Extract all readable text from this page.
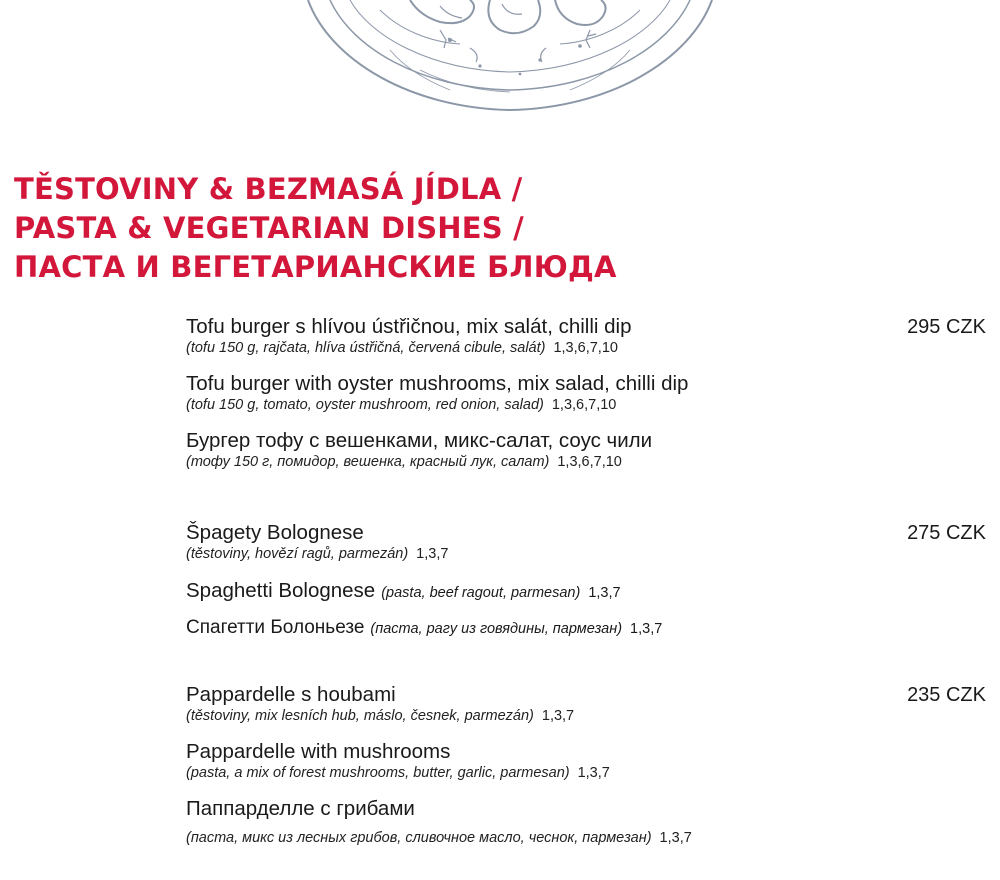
TĚSTOVINY & BEZMASÁ JÍDLA /
PASTA & VEGETARIAN DISHES /
ПАСТА И ВЕГЕТАРИАНСКИЕ БЛЮДА
295 CZK
Tofu burger s hlívou ústřičnou, mix salát, chilli dip
(tofu 150 g, rajčata, hlíva ústřičná, červená cibule, salát) 1,3,6,7,10
Tofu burger with oyster mushrooms, mix salad, chilli dip
(tofu 150 g, tomato, oyster mushroom, red onion, salad) 1,3,6,7,10
Бургер тофу с вешенками, микс-салат, соус чили
(тофу 150 г, помидор, вешенка, красный лук, салат) 1,3,6,7,10
275 CZK
Špagety Bolognese
(těstoviny, hovězí ragů, parmezán) 1,3,7
Spaghetti Bolognese (pasta, beef ragout, parmesan) 1,3,7
Спагетти Болоньезе (паста, рагу из говядины, пармезан) 1,3,7
235 CZK
Pappardelle s houbami
(těstoviny, mix lesních hub, máslo, česnek, parmezán) 1,3,7
Pappardelle with mushrooms
(pasta, a mix of forest mushrooms, butter, garlic, parmesan) 1,3,7
Паппарделле с грибами
(паста, микс из лесных грибов, сливочное масло, чеснок, пармезан) 1,3,7
